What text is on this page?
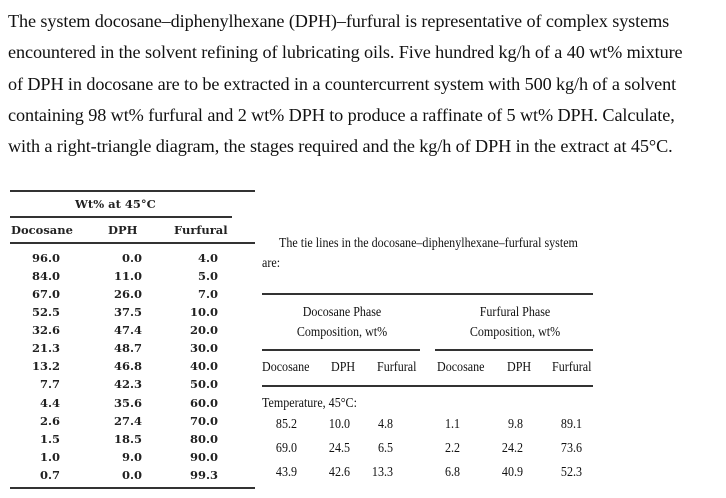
The system docosane–diphenylhexane (DPH)–furfural is representative of complex systems
encountered in the solvent refining of lubricating oils. Five hundred kg/h of a 40 wt% mixture
of DPH in docosane are to be extracted in a countercurrent system with 500 kg/h of a solvent
containing 98 wt% furfural and 2 wt% DPH to produce a raffinate of 5 wt% DPH. Calculate,
with a right-triangle diagram, the stages required and the kg/h of DPH in the extract at 45°C.
Wt% at 45°C
Docosane	DPH	Furfural
96.0	0.0	4.0
84.0	11.0	5.0
67.0	26.0	7.0
52.5	37.5	10.0
32.6	47.4	20.0
21.3	48.7	30.0
13.2	46.8	40.0
7.7	42.3	50.0
4.4	35.6	60.0
2.6	27.4	70.0
1.5	18.5	80.0
1.0	9.0	90.0
0.7	0.0	99.3
The tie lines in the docosane–diphenylhexane–furfural system
are:
Docosane Phase
Composition, wt%
Furfural Phase
Composition, wt%
Docosane DPH Furfural Docosane DPH Furfural
Temperature, 45°C:
85.2	10.0	4.8	1.1	9.8	89.1
69.0	24.5	6.5	2.2	24.2	73.6
43.9	42.6	13.3	6.8	40.9	52.3
